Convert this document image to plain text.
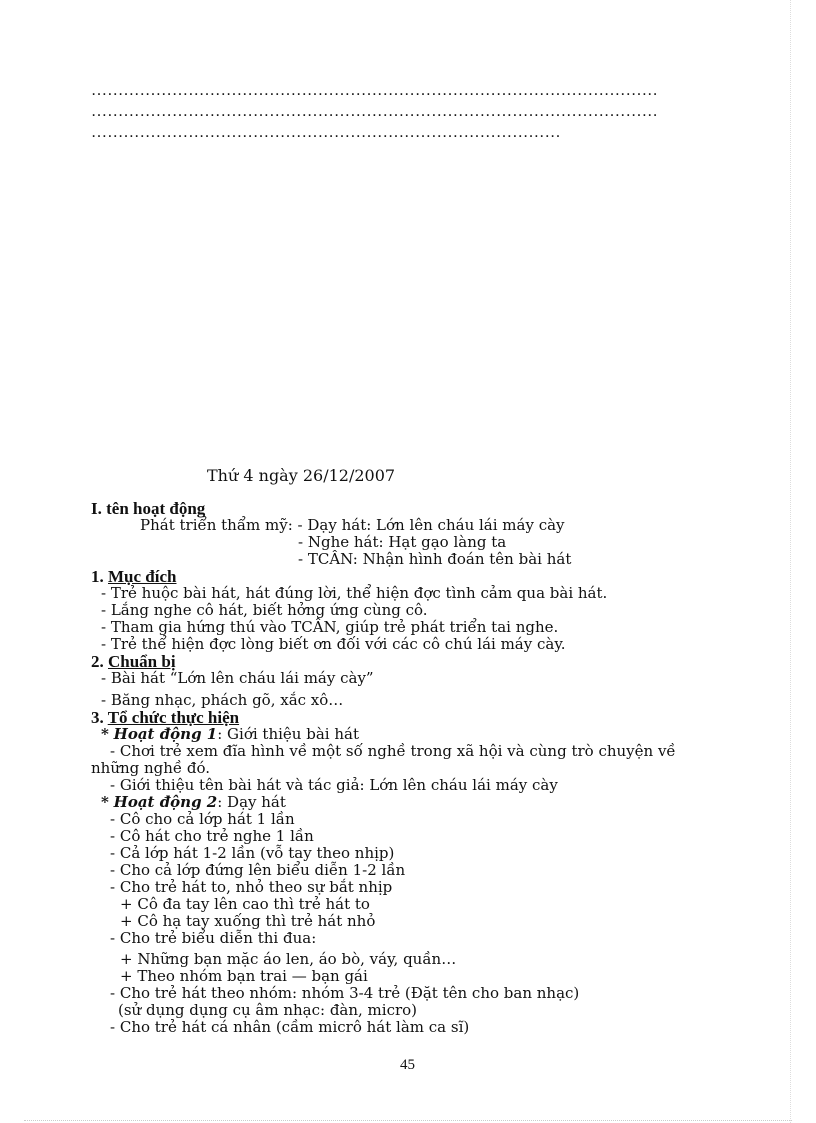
……………………………………………………………………………………………
……………………………………………………………………………………………
……………………………………………………………………………
Thứ 4 ngày 26/12/2007
I. tên hoạt động
Phát triển thẩm mỹ: - Dạy hát: Lớn lên cháu lái máy cày
- Nghe hát: Hạt gạo làng ta
- TCÂN: Nhận hình đoán tên bài hát
1. Mục đích
- Trẻ huộc bài hát, hát đúng lời, thể hiện đợc tình cảm qua bài hát.
- Lắng nghe cô hát, biết hởng ứng cùng cô.
- Tham gia hứng thú vào TCÂN, giúp trẻ phát triển tai nghe.
- Trẻ thể hiện đợc lòng biết ơn đối với các cô chú lái máy cày.
2. Chuẩn bị
- Bài hát “Lớn lên cháu lái máy cày”
- Băng nhạc, phách gõ, xắc xô…
3. Tổ chức thực hiện
* Hoạt động 1: Giới thiệu bài hát
- Chơi trẻ xem đĩa hình về một số nghề trong xã hội và cùng trò chuyện về
những nghề đó.
- Giới thiệu tên bài hát và tác giả: Lớn lên cháu lái máy cày
* Hoạt động 2: Dạy hát
- Cô cho cả lớp hát 1 lần
- Cô hát cho trẻ nghe 1 lần
- Cả lớp hát 1-2 lần (vỗ tay theo nhịp)
- Cho cả lớp đứng lên biểu diễn 1-2 lần
- Cho trẻ hát to, nhỏ theo sự bắt nhịp
+ Cô đa tay lên cao thì trẻ hát to
+ Cô hạ tay xuống thì trẻ hát nhỏ
- Cho trẻ biểu diễn thi đua:
+ Những bạn mặc áo len, áo bò, váy, quần…
+ Theo nhóm bạn trai — bạn gái
- Cho trẻ hát theo nhóm: nhóm 3-4 trẻ (Đặt tên cho ban nhạc)
(sử dụng dụng cụ âm nhạc: đàn, micro)
- Cho trẻ hát cá nhân (cầm micrô hát làm ca sĩ)
45
